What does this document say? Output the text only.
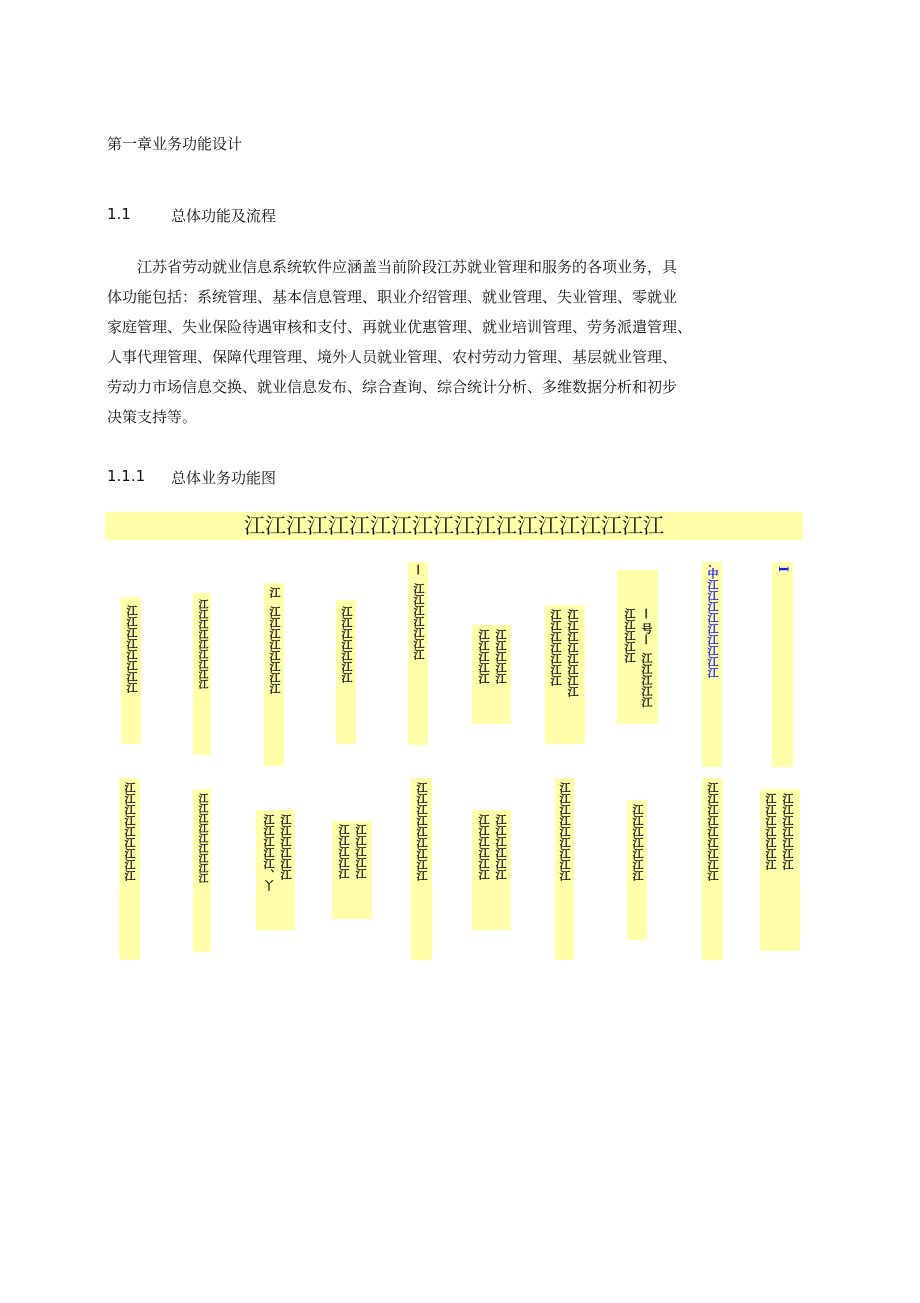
第一章业务功能设计
1.1	总体功能及流程
江苏省劳动就业信息系统软件应涵盖当前阶段江苏就业管理和服务的各项业务，具
体功能包括：系统管理、基本信息管理、职业介绍管理、就业管理、失业管理、零就业
家庭管理、失业保险待遇审核和支付、再就业优惠管理、就业培训管理、劳务派遣管理、
人事代理管理、保障代理管理、境外人员就业管理、农村劳动力管理、基层就业管理、
劳动力市场信息交换、就业信息发布、综合查询、综合统计分析、多维数据分析和初步
决策支持等。
1.1.1 总体业务功能图
江江江江江江江江江江江江江江江江江江江江
江江江江江江江江	江江江江江江江江江	江  江江江江江江江江	江江江江江江江	—  江江江江江江江	江江江江江
江江江江江	江江江江江江江江
江江江江江江江	— 号—  江江江江江
江江江江江	.中江江江江江江江江江	I
江江江江江江江江江	江江江江江江江江江	江江江江江江
江江江江江、丫	江江江江江
江江江江江	江江江江江江江江江	江江江江江江
江江江江江江	江江江江江江江江江	江江江江江江江	江江江江江江江江江	江江江江江江江
江江江江江江江
